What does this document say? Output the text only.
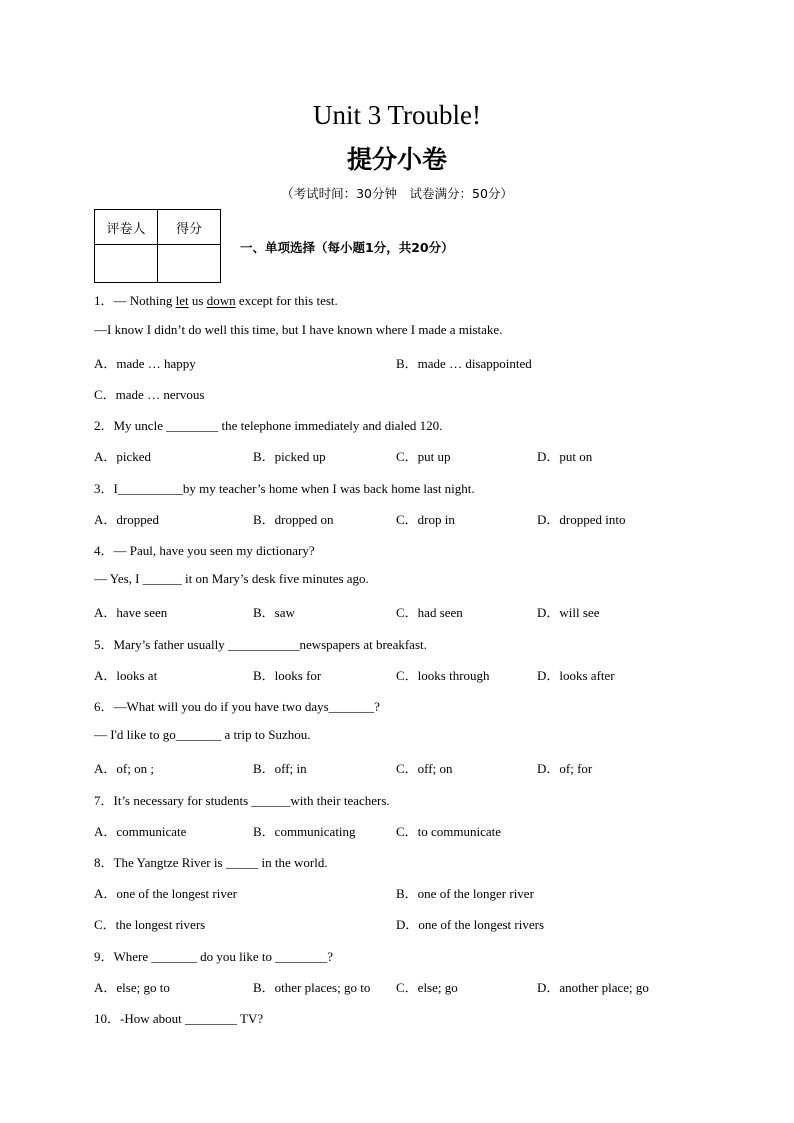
Unit 3 Trouble!
提分小卷
（考试时间：30分钟　试卷满分：50分）
评卷人	得分

一、单项选择（每小题1分，共20分）
1．— Nothing let us down except for this test.
—I know I didn’t do well this time, but I have known where I made a mistake.
A．made … happy	B．made … disappointed
C．made … nervous
2．My uncle ________ the telephone immediately and dialed 120.
A．picked	B．picked up	C．put up	D．put on
3．I__________by my teacher’s home when I was back home last night.
A．dropped	B．dropped on	C．drop in	D．dropped into
4．— Paul, have you seen my dictionary?
— Yes, I ______ it on Mary’s desk five minutes ago.
A．have seen	B．saw	C．had seen	D．will see
5．Mary’s father usually ___________newspapers at breakfast.
A．looks at	B．looks for	C．looks through	D．looks after
6．—What will you do if you have two days_______?
— I'd like to go_______ a trip to Suzhou.
A．of; on ;	B．off; in	C．off; on	D．of; for
7．It’s necessary for students ______with their teachers.
A．communicate	B．communicating	C．to communicate
8．The Yangtze River is _____ in the world.
A．one of the longest river	B．one of the longer river
C．the longest rivers	D．one of the longest rivers
9．Where _______ do you like to ________?
A．else; go to	B．other places; go to C．else; go	D．another place; go
10．-How about ________ TV?
